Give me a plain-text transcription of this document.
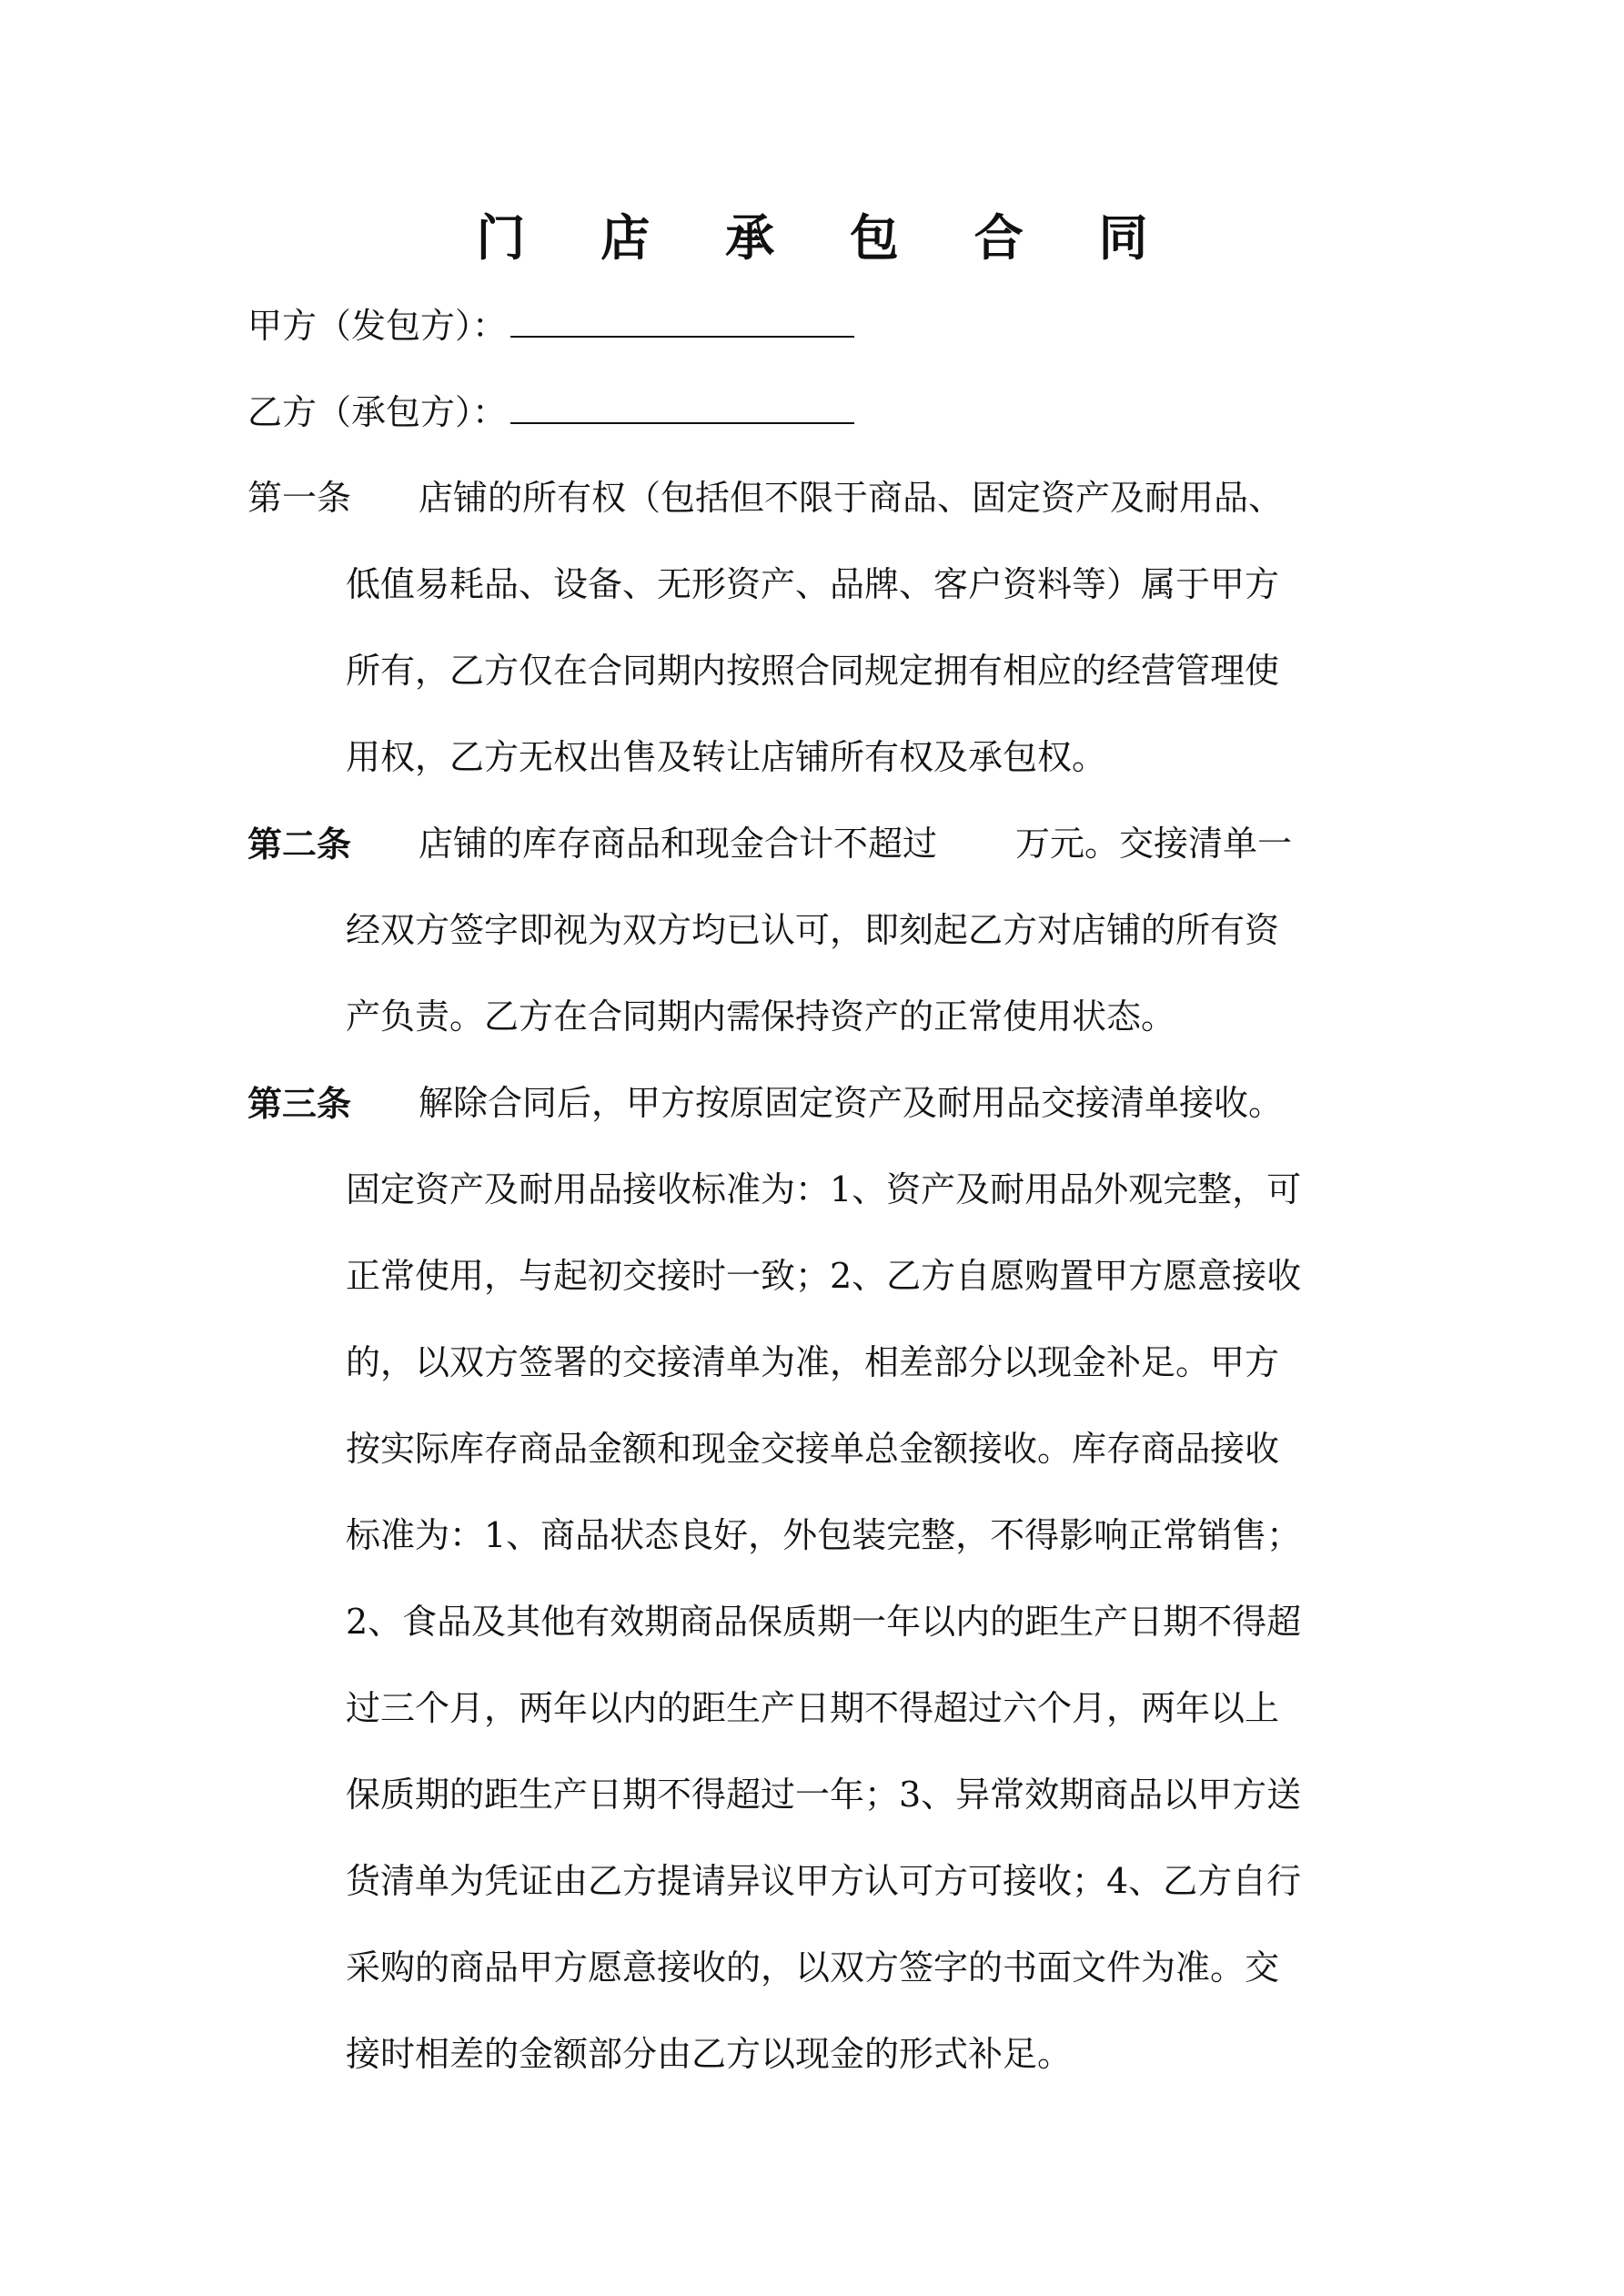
门 店 承 包 合 同
甲方（发包方）：
乙方（承包方）：
第一条 店铺的所有权（包括但不限于商品、固定资产及耐用品、
低值易耗品、设备、无形资产、品牌、客户资料等）属于甲方
所有，乙方仅在合同期内按照合同规定拥有相应的经营管理使
用权，乙方无权出售及转让店铺所有权及承包权。
第二条 店铺的库存商品和现金合计不超过 万元。交接清单一
经双方签字即视为双方均已认可，即刻起乙方对店铺的所有资
产负责。乙方在合同期内需保持资产的正常使用状态。
第三条 解除合同后，甲方按原固定资产及耐用品交接清单接收。
固定资产及耐用品接收标准为：1、资产及耐用品外观完整，可
正常使用，与起初交接时一致；2、乙方自愿购置甲方愿意接收
的，以双方签署的交接清单为准，相差部分以现金补足。甲方
按实际库存商品金额和现金交接单总金额接收。库存商品接收
标准为：1、商品状态良好，外包装完整，不得影响正常销售；
2、食品及其他有效期商品保质期一年以内的距生产日期不得超
过三个月，两年以内的距生产日期不得超过六个月，两年以上
保质期的距生产日期不得超过一年；3、异常效期商品以甲方送
货清单为凭证由乙方提请异议甲方认可方可接收；4、乙方自行
采购的商品甲方愿意接收的，以双方签字的书面文件为准。交
接时相差的金额部分由乙方以现金的形式补足。
